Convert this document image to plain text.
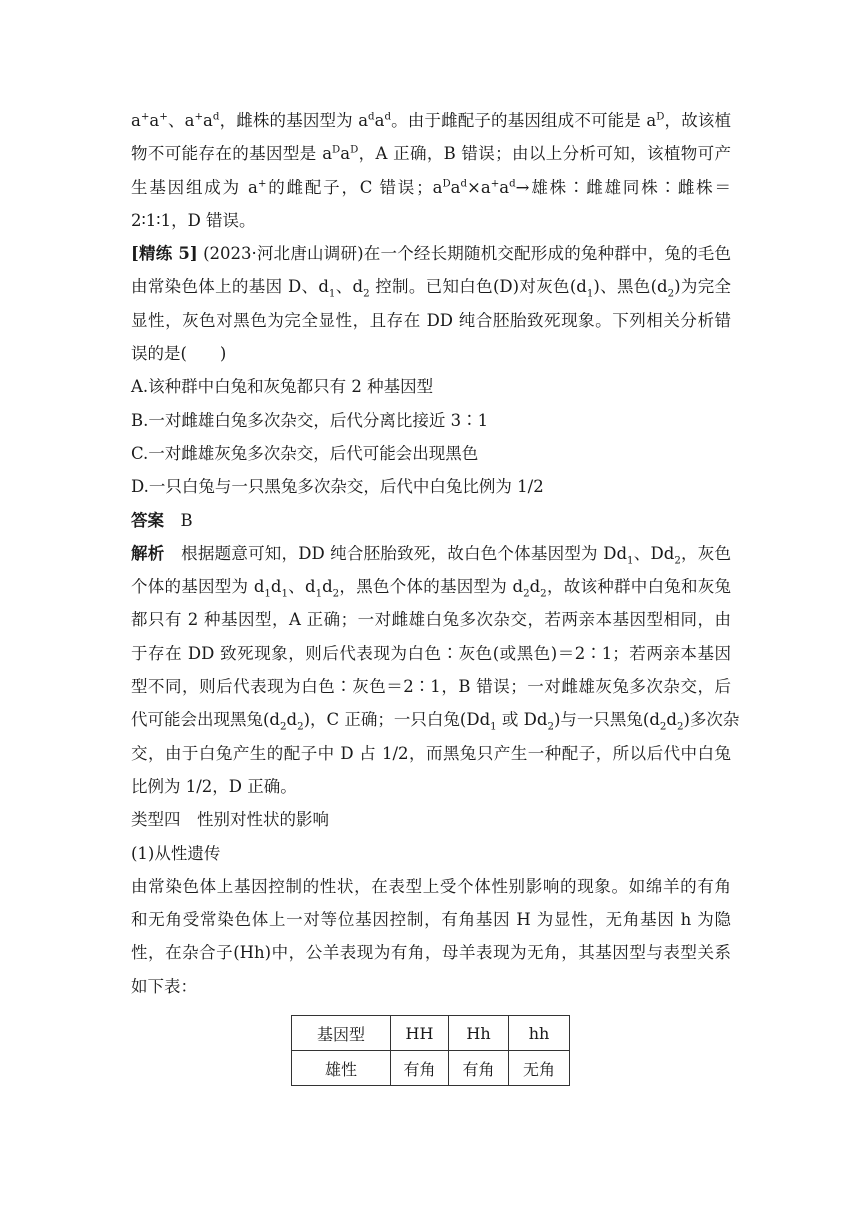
a+a+、$a^+a^d$，雌株的基因型为 $a^da^d$。由于雌配子的基因组成不可能是 $a^D$，故该植
物不可能存在的基因型是 $a^Da^D$，A 正确，B 错误；由以上分析可知，该植物可产
生基因组成为 a+的雌配子，C 错误；$a^Da^d\times a^+a^d\to$雄株∶雌雄同株∶雌株＝
2∶1∶1，D 错误。
[精练 5] (2023·河北唐山调研)在一个经长期随机交配形成的兔种群中，兔的毛色
由常染色体上的基因 D、$d_1$、$d_2$ 控制。已知白色(D)对灰色$(d_1)$、黑色$(d_2)$为完全
显性，灰色对黑色为完全显性，且存在 DD 纯合胚胎致死现象。下列相关分析错
误的是(　　)
A.该种群中白兔和灰兔都只有 2 种基因型
B.一对雌雄白兔多次杂交，后代分离比接近 3∶1
C.一对雌雄灰兔多次杂交，后代可能会出现黑色
D.一只白兔与一只黑兔多次杂交，后代中白兔比例为 1/2
答案　B
解析　根据题意可知，DD 纯合胚胎致死，故白色个体基因型为 $Dd_1$、$Dd_2$，灰色
个体的基因型为 $d_1d_1$、$d_1d_2$，黑色个体的基因型为 $d_2d_2$，故该种群中白兔和灰兔
都只有 2 种基因型，A 正确；一对雌雄白兔多次杂交，若两亲本基因型相同，由
于存在 DD 致死现象，则后代表现为白色∶灰色(或黑色)＝2∶1；若两亲本基因
型不同，则后代表现为白色∶灰色＝2∶1，B 错误；一对雌雄灰兔多次杂交，后
代可能会出现黑兔$(d_2d_2)$，C 正确；一只白兔($Dd_1$ 或 $Dd_2$)与一只黑兔$(d_2d_2)$多次杂
交，由于白兔产生的配子中 D 占 1/2，而黑兔只产生一种配子，所以后代中白兔
比例为 1/2，D 正确。
类型四　性别对性状的影响
(1)从性遗传
由常染色体上基因控制的性状，在表型上受个体性别影响的现象。如绵羊的有角
和无角受常染色体上一对等位基因控制，有角基因 H 为显性，无角基因 h 为隐
性，在杂合子(Hh)中，公羊表现为有角，母羊表现为无角，其基因型与表型关系
如下表：
基因型	HH	Hh	hh
雄性	有角	有角	无角
